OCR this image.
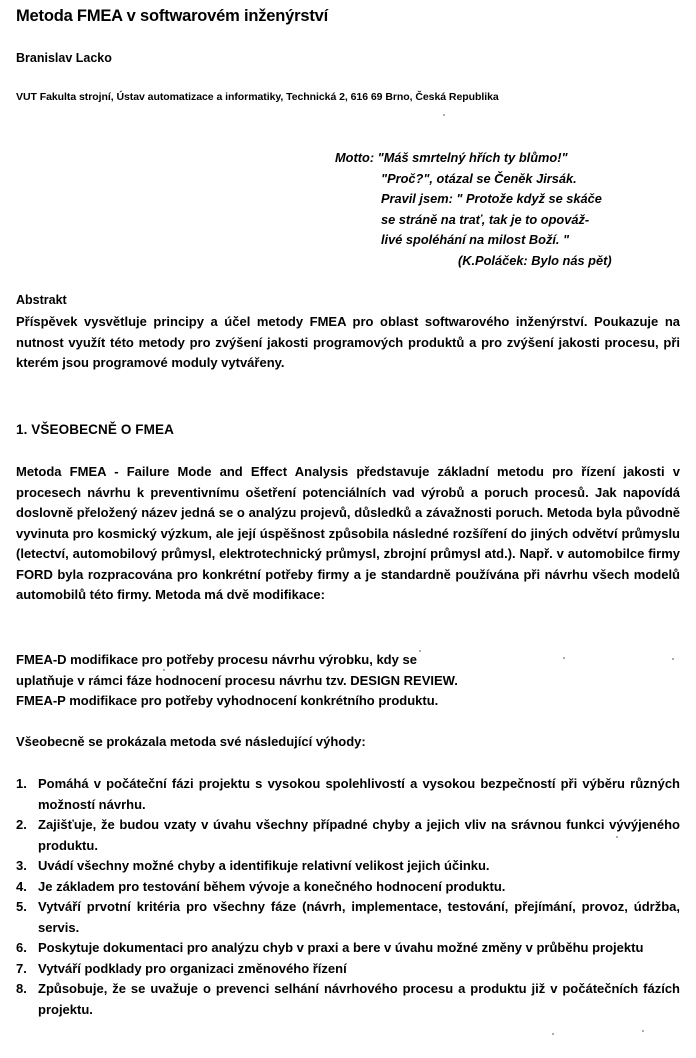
Metoda FMEA v softwarovém inženýrství
Branislav Lacko
VUT Fakulta strojní, Ústav automatizace a informatiky, Technická 2, 616 69 Brno, Česká Republika
Motto: "Máš smrtelný hřích ty blůmo!"
"Proč?", otázal se Čeněk Jirsák.
Pravil jsem: " Protože když se skáče
se stráně na trať, tak je to opováž-
livé spoléhání na milost Boží. "
(K.Poláček: Bylo nás pět)
Abstrakt
Příspěvek vysvětluje principy a účel metody FMEA pro oblast softwarového inženýrství. Poukazuje na nutnost využít této metody pro zvýšení jakosti programových produktů a pro zvýšení jakosti procesu, při kterém jsou programové moduly vytvářeny.
1. VŠEOBECNĚ O FMEA
Metoda FMEA - Failure Mode and Effect Analysis představuje základní metodu pro řízení jakosti v procesech návrhu k preventivnímu ošetření potenciálních vad výrobů a poruch procesů. Jak napovídá doslovně přeložený název jedná se o analýzu projevů, důsledků a závažnosti poruch. Metoda byla původně vyvinuta pro kosmický výzkum, ale její úspěšnost způsobila následné rozšíření do jiných odvětví průmyslu (letectví, automobilový průmysl, elektrotechnický průmysl, zbrojní průmysl atd.). Např. v automobilce firmy FORD byla rozpracována pro konkrétní potřeby firmy a je standardně používána při návrhu všech modelů automobilů této firmy. Metoda má dvě modifikace:
FMEA-D modifikace pro potřeby procesu návrhu výrobku, kdy se
uplatňuje v rámci fáze hodnocení procesu návrhu tzv. DESIGN REVIEW.
FMEA-P modifikace pro potřeby vyhodnocení konkrétního produktu.
Všeobecně se prokázala metoda své následující výhody:
1. Pomáhá v počáteční fázi projektu s vysokou spolehlivostí a vysokou bezpečností při výběru různých možností návrhu.
2. Zajišťuje, že budou vzaty v úvahu všechny případné chyby a jejich vliv na srávnou funkci vývýjeného produktu.
3. Uvádí všechny možné chyby a identifikuje relativní velikost jejich účinku.
4. Je základem pro testování během vývoje a konečného hodnocení produktu.
5. Vytváří prvotní kritéria pro všechny fáze (návrh, implementace, testování, přejímání, provoz, údržba, servis.
6. Poskytuje dokumentaci pro analýzu chyb v praxi a bere v úvahu možné změny v průběhu projektu
7. Vytváří podklady pro organizaci změnového řízení
8. Způsobuje, že se uvažuje o prevenci selhání návrhového procesu a produktu již v počátečních fázích projektu.
